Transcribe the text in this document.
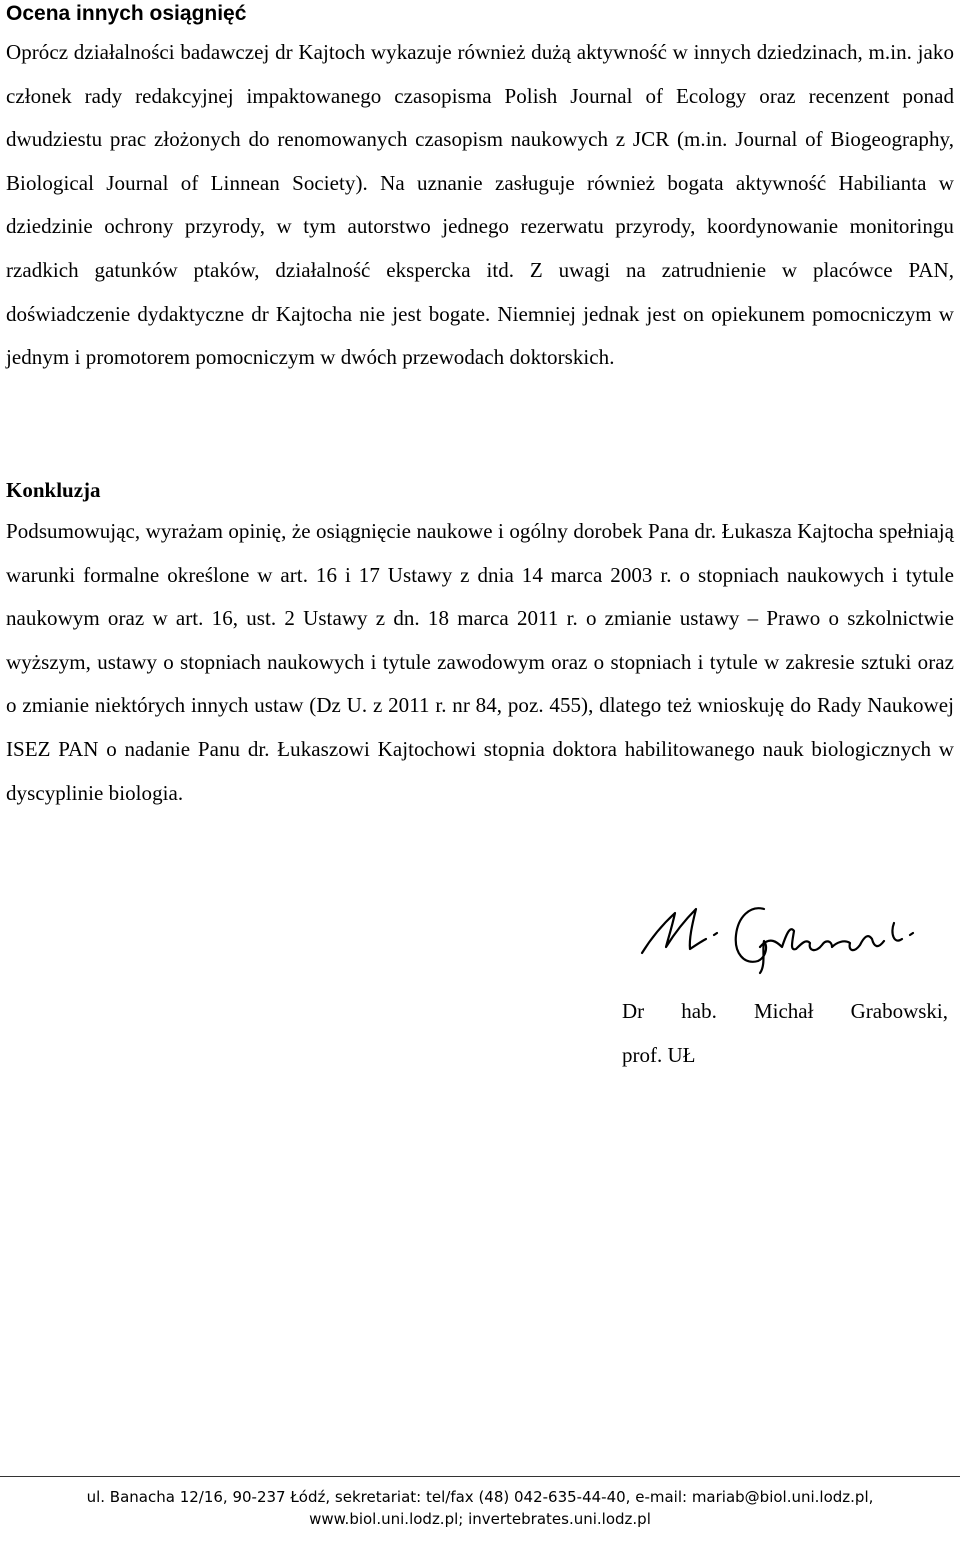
Ocena innych osiągnięć

Oprócz działalności badawczej dr Kajtoch wykazuje również dużą aktywność w innych dziedzinach, m.in. jako członek rady redakcyjnej impaktowanego czasopisma Polish Journal of Ecology oraz recenzent ponad dwudziestu prac złożonych do renomowanych czasopism naukowych z JCR (m.in. Journal of Biogeography, Biological Journal of Linnean Society). Na uznanie zasługuje również bogata aktywność Habilianta w dziedzinie ochrony przyrody, w tym autorstwo jednego rezerwatu przyrody, koordynowanie monitoringu rzadkich gatunków ptaków, działalność ekspercka itd. Z uwagi na zatrudnienie w placówce PAN, doświadczenie dydaktyczne dr Kajtocha nie jest bogate. Niemniej jednak jest on opiekunem pomocniczym w jednym i promotorem pomocniczym w dwóch przewodach doktorskich.

Konkluzja

Podsumowując, wyrażam opinię, że osiągnięcie naukowe i ogólny dorobek Pana dr. Łukasza Kajtocha spełniają warunki formalne określone w art. 16 i 17 Ustawy z dnia 14 marca 2003 r. o stopniach naukowych i tytule naukowym oraz w art. 16, ust. 2 Ustawy z dn. 18 marca 2011 r. o zmianie ustawy – Prawo o szkolnictwie wyższym, ustawy o stopniach naukowych i tytule zawodowym oraz o stopniach i tytule w zakresie sztuki oraz o zmianie niektórych innych ustaw (Dz U. z 2011 r. nr 84, poz. 455), dlatego też wnioskuję do Rady Naukowej ISEZ PAN o nadanie Panu dr. Łukaszowi Kajtochowi stopnia doktora habilitowanego nauk biologicznych w dyscyplinie biologia.

Dr hab. Michał Grabowski,

prof. UŁ

ul. Banacha 12/16, 90-237 Łódź, sekretariat: tel/fax (48) 042-635-44-40, e-mail: mariab@biol.uni.lodz.pl,
www.biol.uni.lodz.pl; invertebrates.uni.lodz.pl
